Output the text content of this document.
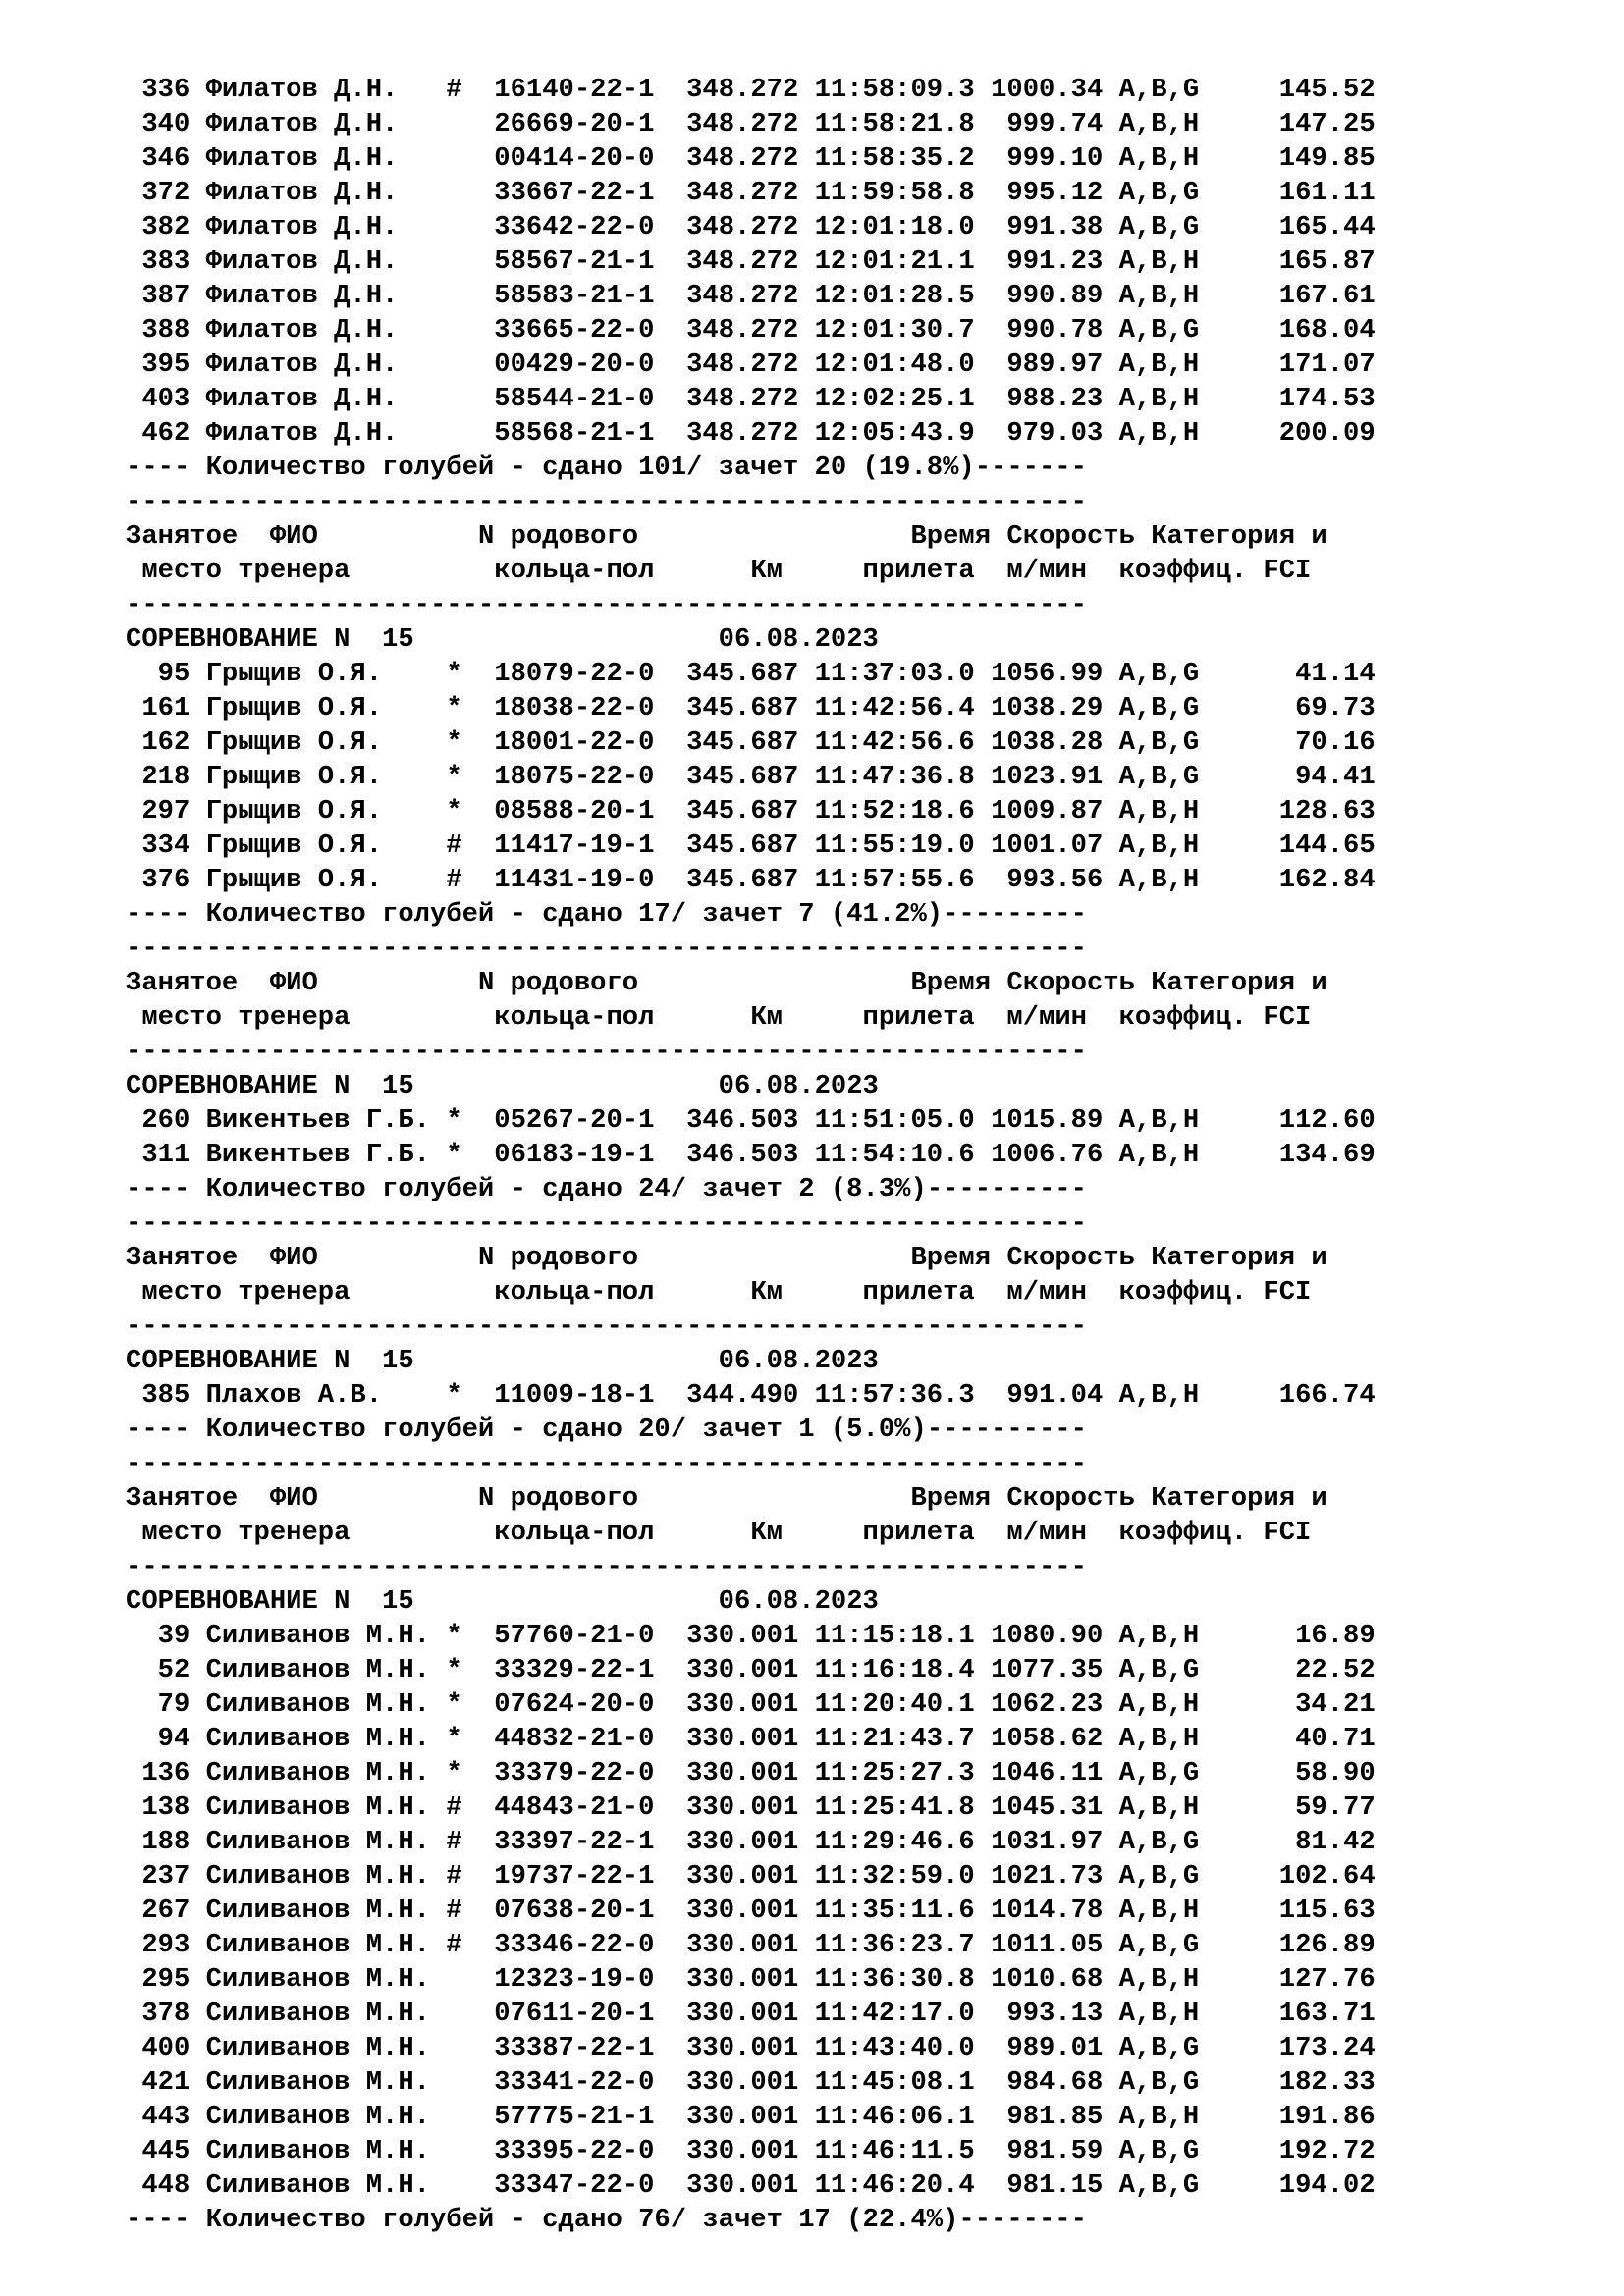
336 Филатов Д.Н.   #  16140-22-1  348.272 11:58:09.3 1000.34 A,B,G     145.52
340 Филатов Д.Н.      26669-20-1  348.272 11:58:21.8  999.74 A,B,H     147.25
346 Филатов Д.Н.      00414-20-0  348.272 11:58:35.2  999.10 A,B,H     149.85
372 Филатов Д.Н.      33667-22-1  348.272 11:59:58.8  995.12 A,B,G     161.11
382 Филатов Д.Н.      33642-22-0  348.272 12:01:18.0  991.38 A,B,G     165.44
383 Филатов Д.Н.      58567-21-1  348.272 12:01:21.1  991.23 A,B,H     165.87
387 Филатов Д.Н.      58583-21-1  348.272 12:01:28.5  990.89 A,B,H     167.61
388 Филатов Д.Н.      33665-22-0  348.272 12:01:30.7  990.78 A,B,G     168.04
395 Филатов Д.Н.      00429-20-0  348.272 12:01:48.0  989.97 A,B,H     171.07
403 Филатов Д.Н.      58544-21-0  348.272 12:02:25.1  988.23 A,B,H     174.53
462 Филатов Д.Н.      58568-21-1  348.272 12:05:43.9  979.03 A,B,H     200.09
---- Количество голубей - сдано 101/ зачет 20 (19.8%)-------
------------------------------------------------------------
Занятое  ФИО          N родового                 Время Скорость Категория и
место тренера         кольца-пол      Км     прилета  м/мин  коэффиц. FCI
------------------------------------------------------------
СОРЕВНОВАНИЕ N  15                   06.08.2023
95 Грыщив О.Я.    *  18079-22-0  345.687 11:37:03.0 1056.99 A,B,G      41.14
161 Грыщив О.Я.    *  18038-22-0  345.687 11:42:56.4 1038.29 A,B,G      69.73
162 Грыщив О.Я.    *  18001-22-0  345.687 11:42:56.6 1038.28 A,B,G      70.16
218 Грыщив О.Я.    *  18075-22-0  345.687 11:47:36.8 1023.91 A,B,G      94.41
297 Грыщив О.Я.    *  08588-20-1  345.687 11:52:18.6 1009.87 A,B,H     128.63
334 Грыщив О.Я.    #  11417-19-1  345.687 11:55:19.0 1001.07 A,B,H     144.65
376 Грыщив О.Я.    #  11431-19-0  345.687 11:57:55.6  993.56 A,B,H     162.84
---- Количество голубей - сдано 17/ зачет 7 (41.2%)---------
------------------------------------------------------------
Занятое  ФИО          N родового                 Время Скорость Категория и
место тренера         кольца-пол      Км     прилета  м/мин  коэффиц. FCI
------------------------------------------------------------
СОРЕВНОВАНИЕ N  15                   06.08.2023
260 Викентьев Г.Б. *  05267-20-1  346.503 11:51:05.0 1015.89 A,B,H     112.60
311 Викентьев Г.Б. *  06183-19-1  346.503 11:54:10.6 1006.76 A,B,H     134.69
---- Количество голубей - сдано 24/ зачет 2 (8.3%)----------
------------------------------------------------------------
Занятое  ФИО          N родового                 Время Скорость Категория и
место тренера         кольца-пол      Км     прилета  м/мин  коэффиц. FCI
------------------------------------------------------------
СОРЕВНОВАНИЕ N  15                   06.08.2023
385 Плахов А.В.    *  11009-18-1  344.490 11:57:36.3  991.04 A,B,H     166.74
---- Количество голубей - сдано 20/ зачет 1 (5.0%)----------
------------------------------------------------------------
Занятое  ФИО          N родового                 Время Скорость Категория и
место тренера         кольца-пол      Км     прилета  м/мин  коэффиц. FCI
------------------------------------------------------------
СОРЕВНОВАНИЕ N  15                   06.08.2023
39 Силиванов М.Н. *  57760-21-0  330.001 11:15:18.1 1080.90 A,B,H      16.89
52 Силиванов М.Н. *  33329-22-1  330.001 11:16:18.4 1077.35 A,B,G      22.52
79 Силиванов М.Н. *  07624-20-0  330.001 11:20:40.1 1062.23 A,B,H      34.21
94 Силиванов М.Н. *  44832-21-0  330.001 11:21:43.7 1058.62 A,B,H      40.71
136 Силиванов М.Н. *  33379-22-0  330.001 11:25:27.3 1046.11 A,B,G      58.90
138 Силиванов М.Н. #  44843-21-0  330.001 11:25:41.8 1045.31 A,B,H      59.77
188 Силиванов М.Н. #  33397-22-1  330.001 11:29:46.6 1031.97 A,B,G      81.42
237 Силиванов М.Н. #  19737-22-1  330.001 11:32:59.0 1021.73 A,B,G     102.64
267 Силиванов М.Н. #  07638-20-1  330.001 11:35:11.6 1014.78 A,B,H     115.63
293 Силиванов М.Н. #  33346-22-0  330.001 11:36:23.7 1011.05 A,B,G     126.89
295 Силиванов М.Н.    12323-19-0  330.001 11:36:30.8 1010.68 A,B,H     127.76
378 Силиванов М.Н.    07611-20-1  330.001 11:42:17.0  993.13 A,B,H     163.71
400 Силиванов М.Н.    33387-22-1  330.001 11:43:40.0  989.01 A,B,G     173.24
421 Силиванов М.Н.    33341-22-0  330.001 11:45:08.1  984.68 A,B,G     182.33
443 Силиванов М.Н.    57775-21-1  330.001 11:46:06.1  981.85 A,B,H     191.86
445 Силиванов М.Н.    33395-22-0  330.001 11:46:11.5  981.59 A,B,G     192.72
448 Силиванов М.Н.    33347-22-0  330.001 11:46:20.4  981.15 A,B,G     194.02
---- Количество голубей - сдано 76/ зачет 17 (22.4%)--------
